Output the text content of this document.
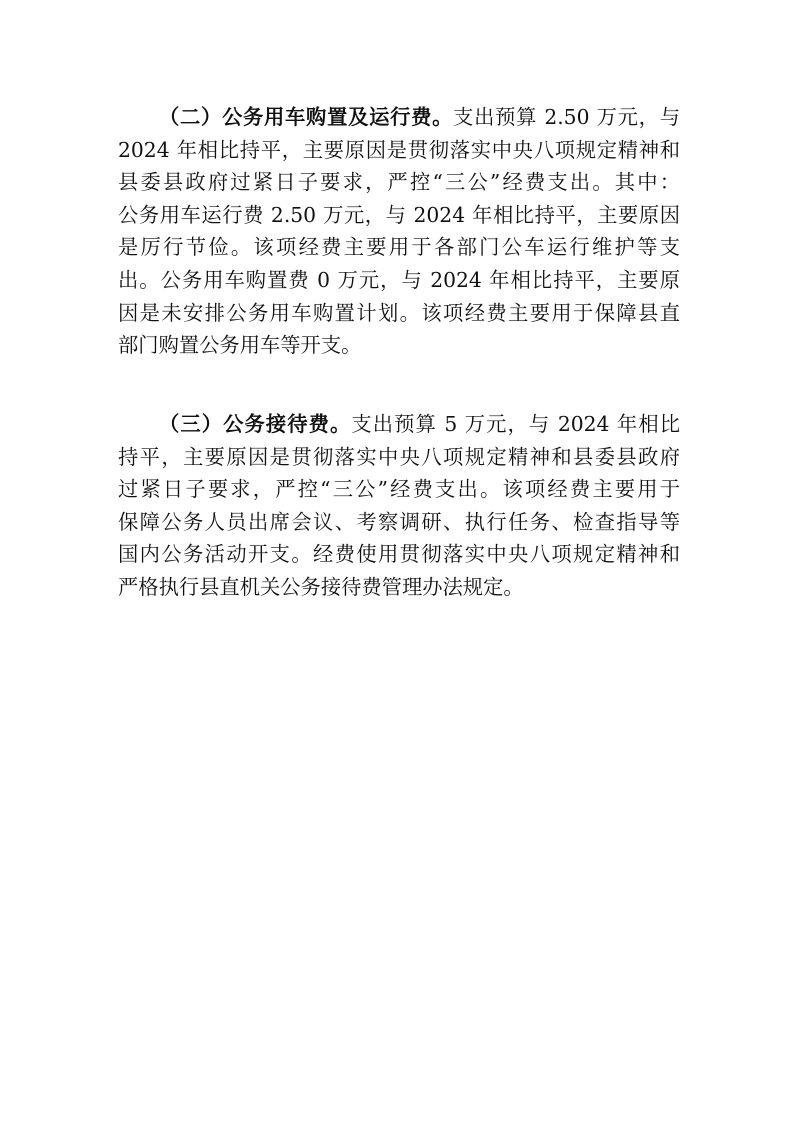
（二）公务用车购置及运行费。支出预算 2.50 万元，与
2024 年相比持平，主要原因是贯彻落实中央八项规定精神和
县委县政府过紧日子要求，严控“三公”经费支出。其中：
公务用车运行费 2.50 万元，与 2024 年相比持平，主要原因
是厉行节俭。该项经费主要用于各部门公车运行维护等支
出。公务用车购置费 0 万元，与 2024 年相比持平，主要原
因是未安排公务用车购置计划。该项经费主要用于保障县直
部门购置公务用车等开支。
（三）公务接待费。支出预算 5 万元，与 2024 年相比
持平，主要原因是贯彻落实中央八项规定精神和县委县政府
过紧日子要求，严控“三公”经费支出。该项经费主要用于
保障公务人员出席会议、考察调研、执行任务、检查指导等
国内公务活动开支。经费使用贯彻落实中央八项规定精神和
严格执行县直机关公务接待费管理办法规定。
